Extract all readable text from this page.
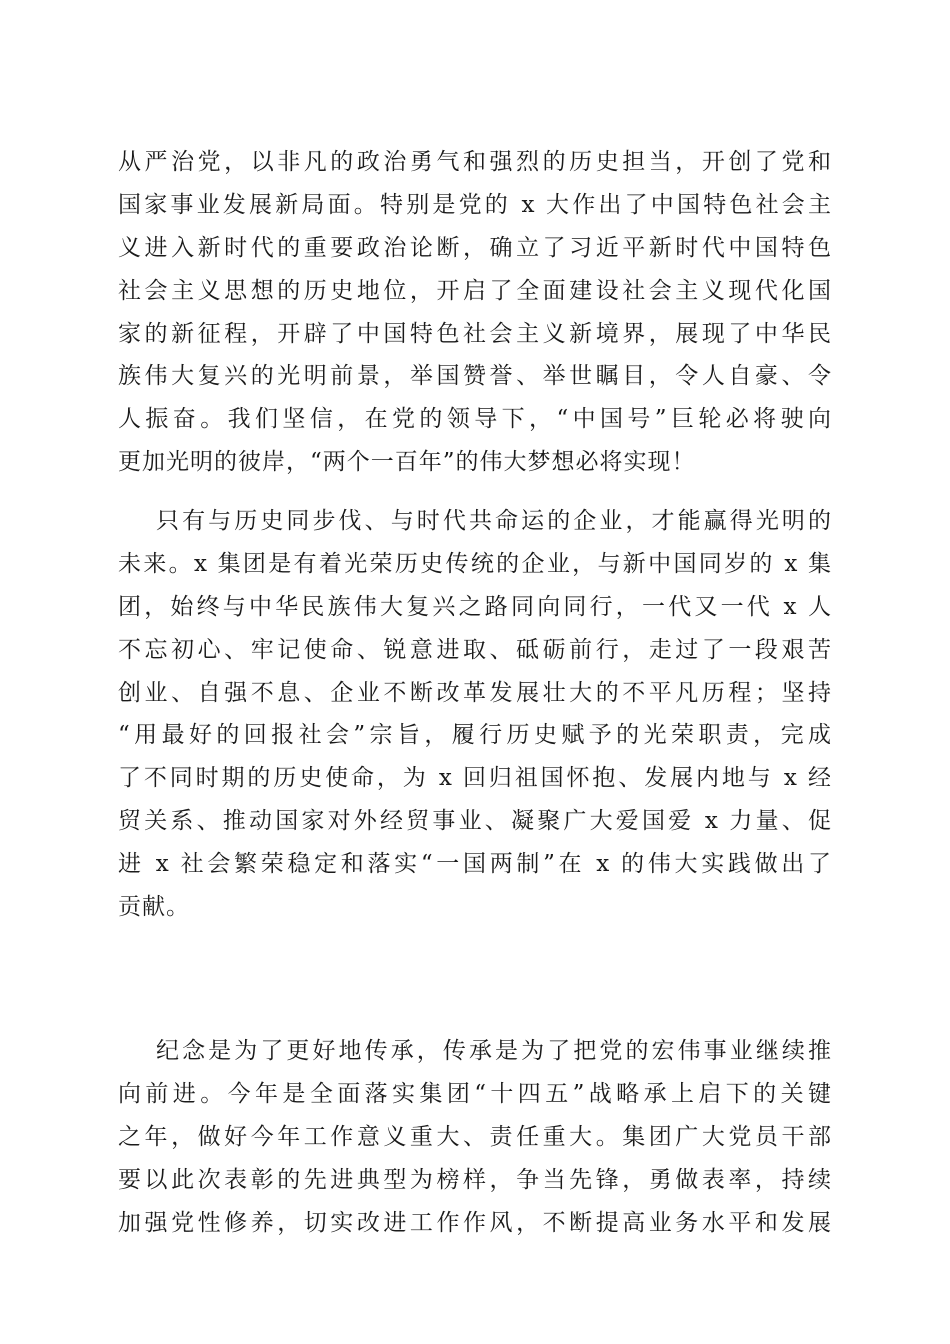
从严治党，以非凡的政治勇气和强烈的历史担当，开创了党和
国家事业发展新局面。特别是党的 x 大作出了中国特色社会主
义进入新时代的重要政治论断，确立了习近平新时代中国特色
社会主义思想的历史地位，开启了全面建设社会主义现代化国
家的新征程，开辟了中国特色社会主义新境界，展现了中华民
族伟大复兴的光明前景，举国赞誉、举世瞩目，令人自豪、令
人振奋。我们坚信，在党的领导下，“中国号”巨轮必将驶向
更加光明的彼岸，“两个一百年”的伟大梦想必将实现！
只有与历史同步伐、与时代共命运的企业，才能赢得光明的
未来。x 集团是有着光荣历史传统的企业，与新中国同岁的 x 集
团，始终与中华民族伟大复兴之路同向同行，一代又一代 x 人
不忘初心、牢记使命、锐意进取、砥砺前行，走过了一段艰苦
创业、自强不息、企业不断改革发展壮大的不平凡历程；坚持
“用最好的回报社会”宗旨，履行历史赋予的光荣职责，完成
了不同时期的历史使命，为 x 回归祖国怀抱、发展内地与 x 经
贸关系、推动国家对外经贸事业、凝聚广大爱国爱 x 力量、促
进 x 社会繁荣稳定和落实“一国两制”在 x 的伟大实践做出了
贡献。
纪念是为了更好地传承，传承是为了把党的宏伟事业继续推
向前进。今年是全面落实集团“十四五”战略承上启下的关键
之年，做好今年工作意义重大、责任重大。集团广大党员干部
要以此次表彰的先进典型为榜样，争当先锋，勇做表率，持续
加强党性修养，切实改进工作作风，不断提高业务水平和发展
